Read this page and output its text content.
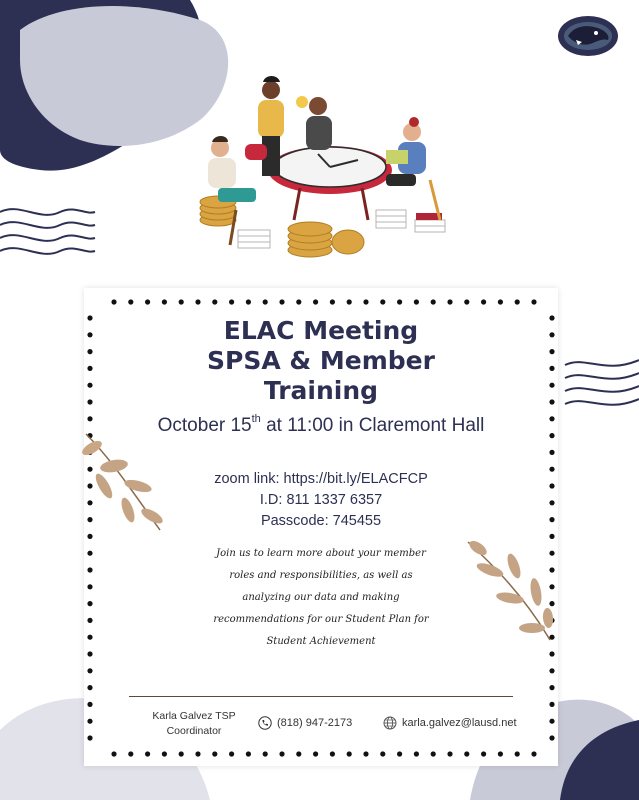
ELAC Meeting
SPSA & Member
Training
October 15th at 11:00 in Claremont Hall
zoom link: https://bit.ly/ELACFCP
I.D: 811 1337 6357
Passcode: 745455

Join us to learn more about your member roles and responsibilities, as well as analyzing our data and making recommendations for our Student Plan for Student Achievement

Karla Galvez TSP
Coordinator
(818) 947-2173	karla.galvez@lausd.net
